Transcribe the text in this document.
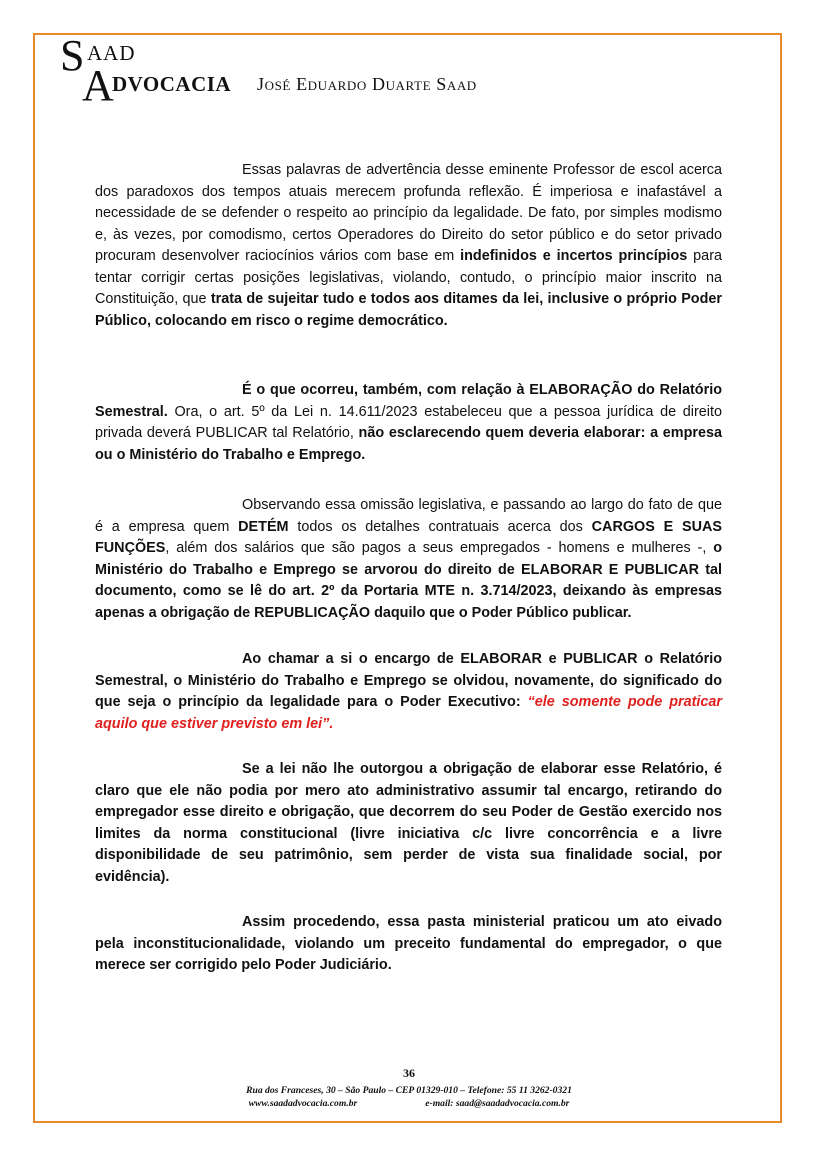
S AAD
A
DVOCACIA José Eduardo Duarte Saad

Essas palavras de advertência desse eminente Professor de escol acerca dos paradoxos dos tempos atuais merecem profunda reflexão. É imperiosa e inafastável a necessidade de se defender o respeito ao princípio da legalidade. De fato, por simples modismo e, às vezes, por comodismo, certos Operadores do Direito do setor público e do setor privado procuram desenvolver raciocínios vários com base em indefinidos e incertos princípios para tentar corrigir certas posições legislativas, violando, contudo, o princípio maior inscrito na Constituição, que trata de sujeitar tudo e todos aos ditames da lei, inclusive o próprio Poder Público, colocando em risco o regime democrático.

É o que ocorreu, também, com relação à ELABORAÇÃO do Relatório Semestral. Ora, o art. 5º da Lei n. 14.611/2023 estabeleceu que a pessoa jurídica de direito privada deverá PUBLICAR tal Relatório, não esclarecendo quem deveria elaborar: a empresa ou o Ministério do Trabalho e Emprego.

Observando essa omissão legislativa, e passando ao largo do fato de que é a empresa quem DETÉM todos os detalhes contratuais acerca dos CARGOS E SUAS FUNÇÕES, além dos salários que são pagos a seus empregados - homens e mulheres -, o Ministério do Trabalho e Emprego se arvorou do direito de ELABORAR E PUBLICAR tal documento, como se lê do art. 2º da Portaria MTE n. 3.714/2023, deixando às empresas apenas a obrigação de REPUBLICAÇÃO daquilo que o Poder Público publicar.

Ao chamar a si o encargo de ELABORAR e PUBLICAR o Relatório Semestral, o Ministério do Trabalho e Emprego se olvidou, novamente, do significado do que seja o princípio da legalidade para o Poder Executivo: “ele somente pode praticar aquilo que estiver previsto em lei”.

Se a lei não lhe outorgou a obrigação de elaborar esse Relatório, é claro que ele não podia por mero ato administrativo assumir tal encargo, retirando do empregador esse direito e obrigação, que decorrem do seu Poder de Gestão exercido nos limites da norma constitucional (livre iniciativa c/c livre concorrência e a livre disponibilidade de seu patrimônio, sem perder de vista sua finalidade social, por evidência).

Assim procedendo, essa pasta ministerial praticou um ato eivado pela inconstitucionalidade, violando um preceito fundamental do empregador, o que merece ser corrigido pelo Poder Judiciário.

36
Rua dos Franceses, 30 – São Paulo – CEP 01329-010 – Telefone: 55 11 3262-0321
www.saadadvocacia.com.br	e-mail: saad@saadadvocacia.com.br
